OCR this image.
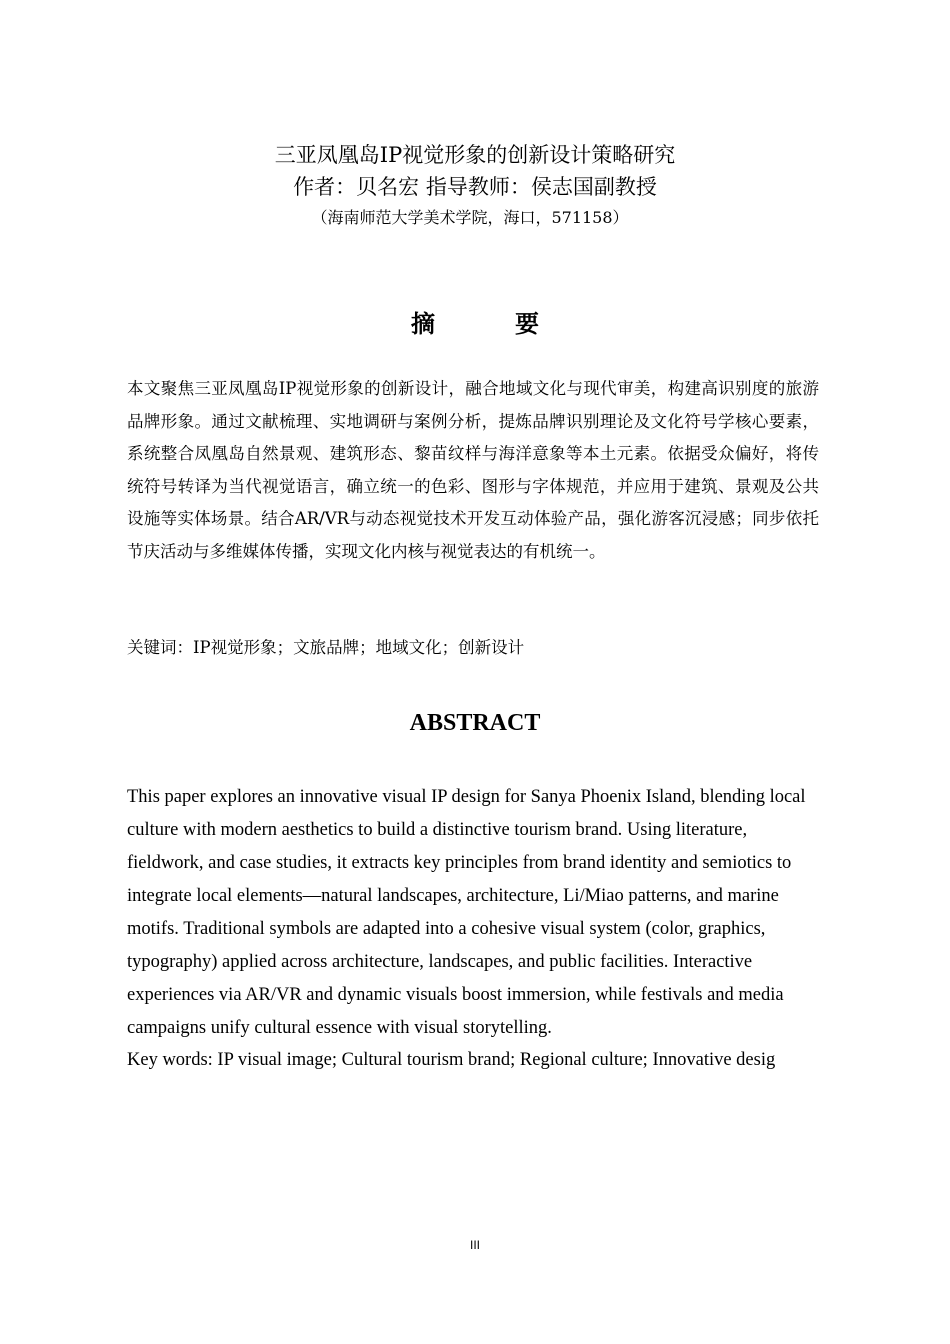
三亚凤凰岛IP视觉形象的创新设计策略研究
作者：贝名宏 指导教师：侯志国副教授
（海南师范大学美术学院，海口，571158）
摘要

本文聚焦三亚凤凰岛IP视觉形象的创新设计，融合地域文化与现代审美，构建高识别度的旅游品牌形象。通过文献梳理、实地调研与案例分析，提炼品牌识别理论及文化符号学核心要素，系统整合凤凰岛自然景观、建筑形态、黎苗纹样与海洋意象等本土元素。依据受众偏好，将传统符号转译为当代视觉语言，确立统一的色彩、图形与字体规范，并应用于建筑、景观及公共设施等实体场景。结合AR/VR与动态视觉技术开发互动体验产品，强化游客沉浸感；同步依托节庆活动与多维媒体传播，实现文化内核与视觉表达的有机统一。

关键词：IP视觉形象；文旅品牌；地域文化；创新设计

ABSTRACT

This paper explores an innovative visual IP design for Sanya Phoenix Island, blending local culture with modern aesthetics to build a distinctive tourism brand. Using literature, fieldwork, and case studies, it extracts key principles from brand identity and semiotics to integrate local elements—natural landscapes, architecture, Li/Miao patterns, and marine motifs. Traditional symbols are adapted into a cohesive visual system (color, graphics, typography) applied across architecture, landscapes, and public facilities. Interactive experiences via AR/VR and dynamic visuals boost immersion, while festivals and media campaigns unify cultural essence with visual storytelling.

Key words: IP visual image; Cultural tourism brand; Regional culture; Innovative desig

III
